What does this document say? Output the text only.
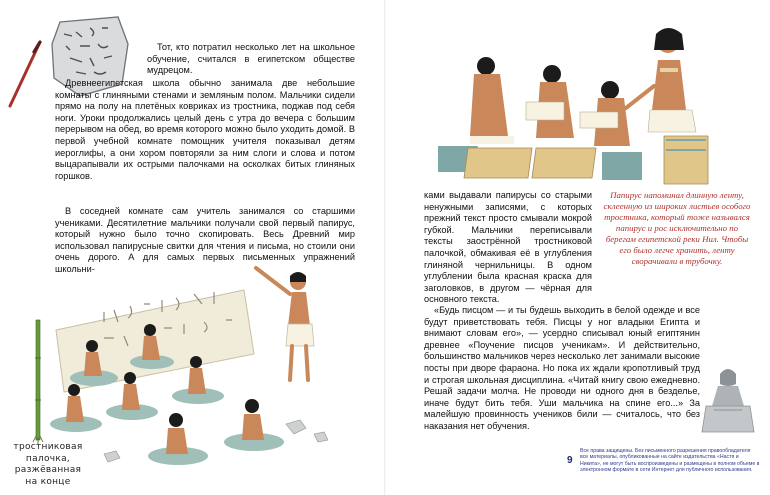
Тот, кто потратил несколько лет на школьное обучение, считался в египетском обществе мудрецом.

Древнеегипетская школа обычно занимала две небольшие комнаты с глиняными стенами и земляным полом. Мальчики сидели прямо на полу на плетёных ковриках из тростника, поджав под себя ноги. Уроки продолжались целый день с утра до вечера с большим перерывом на обед, во время которого можно было уходить домой. В первой учебной комнате помощник учителя показывал детям иероглифы, а они хором повторяли за ним слоги и слова и потом выцарапывали их острыми палочками на осколках битых глиняных горшков.

В соседней комнате сам учитель занимался со старшими учениками. Десятилетние мальчики получали свой первый папирус, который нужно было точно скопировать. Весь Древний мир использовал папирусные свитки для чтения и письма, но стоили они очень дорого. А для самых первых письменных упражнений школьни-

тростниковая палочка, разжёванная на конце

ками выдавали папирусы со старыми ненужными записями, с которых прежний текст просто смывали мокрой губкой. Мальчики переписывали тексты заострённой тростниковой палочкой, обмакивая её в углубления глиняной чернильницы. В одном углублении была красная краска для заголовков, в другом — чёрная для основного текста.

Папирус напоминал длинную ленту, склеенную из широких листьев особого тростника, который тоже назывался папирус и рос исключительно по берегам египетской реки Нил. Чтобы его было легче хранить, ленту сворачивали в трубочку.

«Будь писцом — и ты будешь выходить в белой одежде и все будут приветствовать тебя. Писцы у ног владыки Египта и внимают словам его», — усердно списывал юный египтянин древнее «Поучение писцов ученикам». И действительно, большинство мальчиков через несколько лет занимали высокие посты при дворе фараона. Но пока их ждали кропотливый труд и строгая школьная дисциплина. «Читай книгу свою ежедневно. Решай задачи молча. Не проводи ни одного дня в безделье, иначе будут бить тебя. Уши мальчика на спине его...» За малейшую провинность учеников били — считалось, что без наказания нет обучения.

9
Все права защищены. Без письменного разрешения правообладателя все материалы, опубликованные на сайте издательства «Настя и Никита», не могут быть воспроизведены и размещены в полном объеме в электронном формате в сети Интернет для публичного использования.
